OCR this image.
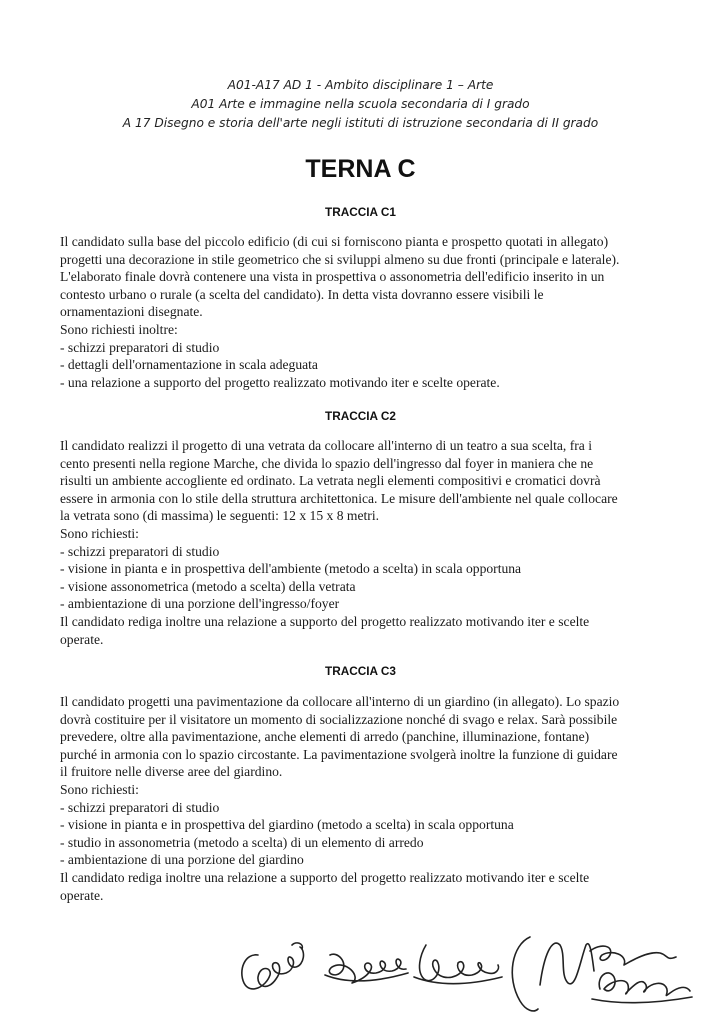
A01-A17 AD 1 - Ambito disciplinare 1 – Arte
A01 Arte e immagine nella scuola secondaria di I grado
A 17 Disegno e storia dell'arte negli istituti di istruzione secondaria di II grado
TERNA C
TRACCIA C1
Il candidato sulla base del piccolo edificio (di cui si forniscono pianta e prospetto quotati in allegato)
progetti una decorazione in stile geometrico che si sviluppi almeno su due fronti (principale e laterale).
L'elaborato finale dovrà contenere una vista in prospettiva o assonometria dell'edificio inserito in un
contesto urbano o rurale (a scelta del candidato). In detta vista dovranno essere visibili le
ornamentazioni disegnate.
Sono richiesti inoltre:
- schizzi preparatori di studio
- dettagli dell'ornamentazione in scala adeguata
- una relazione a supporto del progetto realizzato motivando iter e scelte operate.
TRACCIA C2
Il candidato realizzi il progetto di una vetrata da collocare all'interno di un teatro a sua scelta, fra i
cento presenti nella regione Marche, che divida lo spazio dell'ingresso dal foyer in maniera che ne
risulti un ambiente accogliente ed ordinato. La vetrata negli elementi compositivi e cromatici dovrà
essere in armonia con lo stile della struttura architettonica. Le misure dell'ambiente nel quale collocare
la vetrata sono (di massima) le seguenti: 12 x 15 x 8 metri.
Sono richiesti:
- schizzi preparatori di studio
- visione in pianta e in prospettiva dell'ambiente (metodo a scelta) in scala opportuna
- visione assonometrica (metodo a scelta) della vetrata
- ambientazione di una porzione dell'ingresso/foyer
Il candidato rediga inoltre una relazione a supporto del progetto realizzato motivando iter e scelte
operate.
TRACCIA C3
Il candidato progetti una pavimentazione da collocare all'interno di un giardino (in allegato). Lo spazio
dovrà costituire per il visitatore un momento di socializzazione nonché di svago e relax. Sarà possibile
prevedere, oltre alla pavimentazione, anche elementi di arredo (panchine, illuminazione, fontane)
purché in armonia con lo spazio circostante. La pavimentazione svolgerà inoltre la funzione di guidare
il fruitore nelle diverse aree del giardino.
Sono richiesti:
- schizzi preparatori di studio
- visione in pianta e in prospettiva del giardino (metodo a scelta) in scala opportuna
- studio in assonometria (metodo a scelta) di un elemento di arredo
- ambientazione di una porzione del giardino
Il candidato rediga inoltre una relazione a supporto del progetto realizzato motivando iter e scelte
operate.
